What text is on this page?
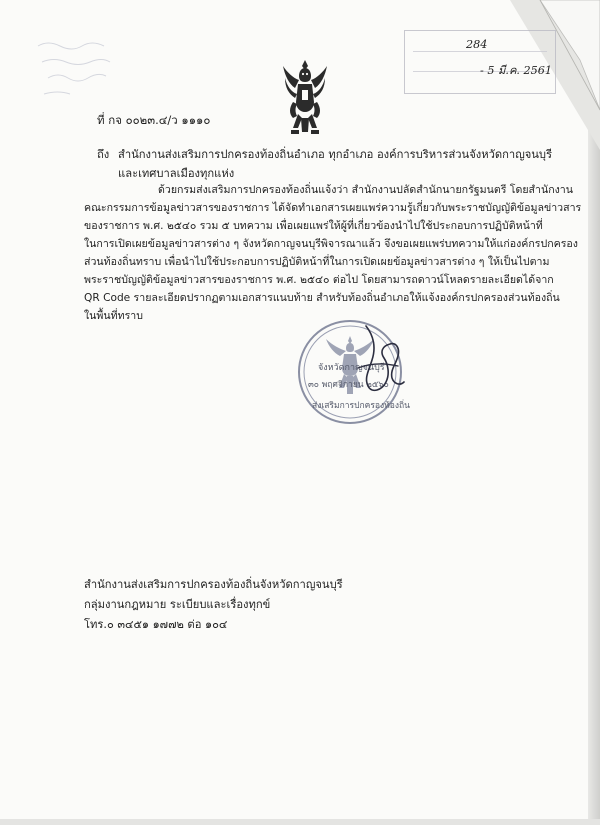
284
- 5 มี.ค. 2561
ที่ กจ ๐๐๒๓.๔/ว ๑๑๑๐
ถึง สำนักงานส่งเสริมการปกครองท้องถิ่นอำเภอ ทุกอำเภอ องค์การบริหารส่วนจังหวัดกาญจนบุรี
และเทศบาลเมืองทุกแห่ง
ด้วยกรมส่งเสริมการปกครองท้องถิ่นแจ้งว่า สำนักงานปลัดสำนักนายกรัฐมนตรี โดยสำนักงาน
คณะกรรมการข้อมูลข่าวสารของราชการ ได้จัดทำเอกสารเผยแพร่ความรู้เกี่ยวกับพระราชบัญญัติข้อมูลข่าวสาร
ของราชการ พ.ศ. ๒๕๔๐ รวม ๕ บทความ เพื่อเผยแพร่ให้ผู้ที่เกี่ยวข้องนำไปใช้ประกอบการปฏิบัติหน้าที่
ในการเปิดเผยข้อมูลข่าวสารต่าง ๆ จังหวัดกาญจนบุรีพิจารณาแล้ว จึงขอเผยแพร่บทความให้แก่องค์กรปกครอง
ส่วนท้องถิ่นทราบ เพื่อนำไปใช้ประกอบการปฏิบัติหน้าที่ในการเปิดเผยข้อมูลข่าวสารต่าง ๆ ให้เป็นไปตาม
พระราชบัญญัติข้อมูลข่าวสารของราชการ พ.ศ. ๒๕๔๐ ต่อไป โดยสามารถดาวน์โหลดรายละเอียดได้จาก
QR Code รายละเอียดปรากฏตามเอกสารแนบท้าย สำหรับท้องถิ่นอำเภอให้แจ้งองค์กรปกครองส่วนท้องถิ่น
ในพื้นที่ทราบ
จังหวัดกาญจนบุรี
๓๐ พฤศจิกายน ๒๕๖๐
ส่งเสริมการปกครองท้องถิ่น
สำนักงานส่งเสริมการปกครองท้องถิ่นจังหวัดกาญจนบุรี
กลุ่มงานกฎหมาย ระเบียบและเรื่องทุกข์
โทร.๐ ๓๔๕๑ ๑๗๗๒ ต่อ ๑๐๔
